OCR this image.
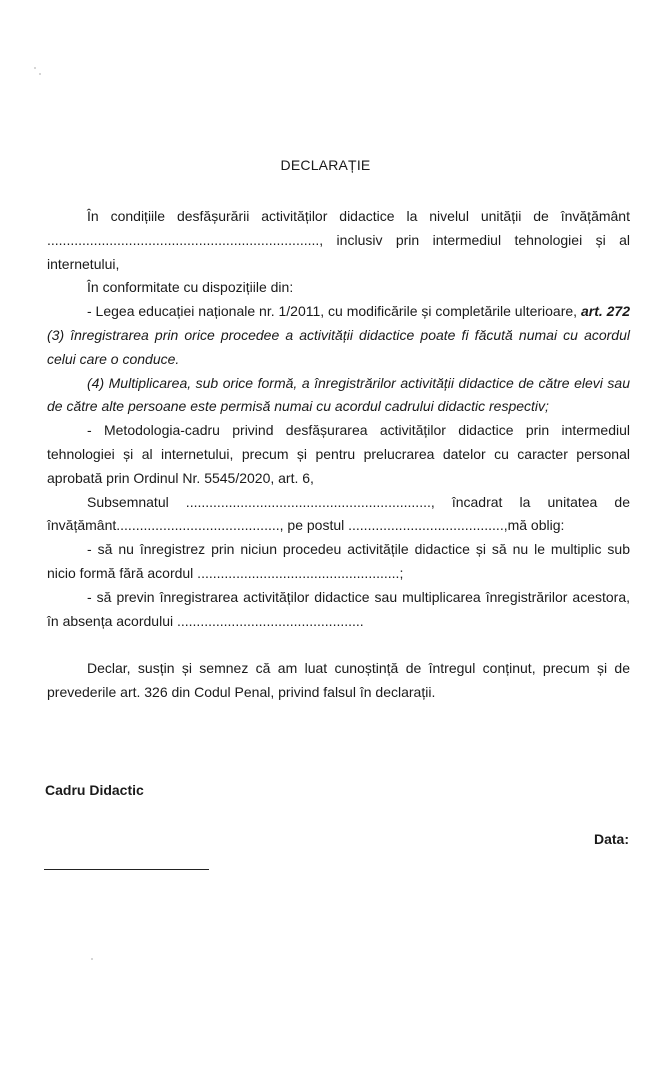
DECLARAȚIE

În condițiile desfășurării activităților didactice la nivelul unității de învățământ ......................................................................, inclusiv prin intermediul tehnologiei și al internetului,

În conformitate cu dispozițiile din:

- Legea educației naționale nr. 1/2011, cu modificările și completările ulterioare, art. 272 (3) înregistrarea prin orice procedee a activității didactice poate fi făcută numai cu acordul celui care o conduce.

(4) Multiplicarea, sub orice formă, a înregistrărilor activității didactice de către elevi sau de către alte persoane este permisă numai cu acordul cadrului didactic respectiv;

- Metodologia-cadru privind desfășurarea activităților didactice prin intermediul tehnologiei și al internetului, precum și pentru prelucrarea datelor cu caracter personal aprobată prin Ordinul Nr. 5545/2020, art. 6,

Subsemnatul ..............................................................., încadrat la unitatea de învățământ.........................................., pe postul ........................................,mă oblig:

- să nu înregistrez prin niciun procedeu activitățile didactice și să nu le multiplic sub nicio formă fără acordul ....................................................;

- să previn înregistrarea activităților didactice sau multiplicarea înregistrărilor acestora, în absența acordului ................................................

Declar, susțin și semnez că am luat cunoștință de întregul conținut, precum și de prevederile art. 326 din Codul Penal, privind falsul în declarații.

Cadru Didactic
Data:
